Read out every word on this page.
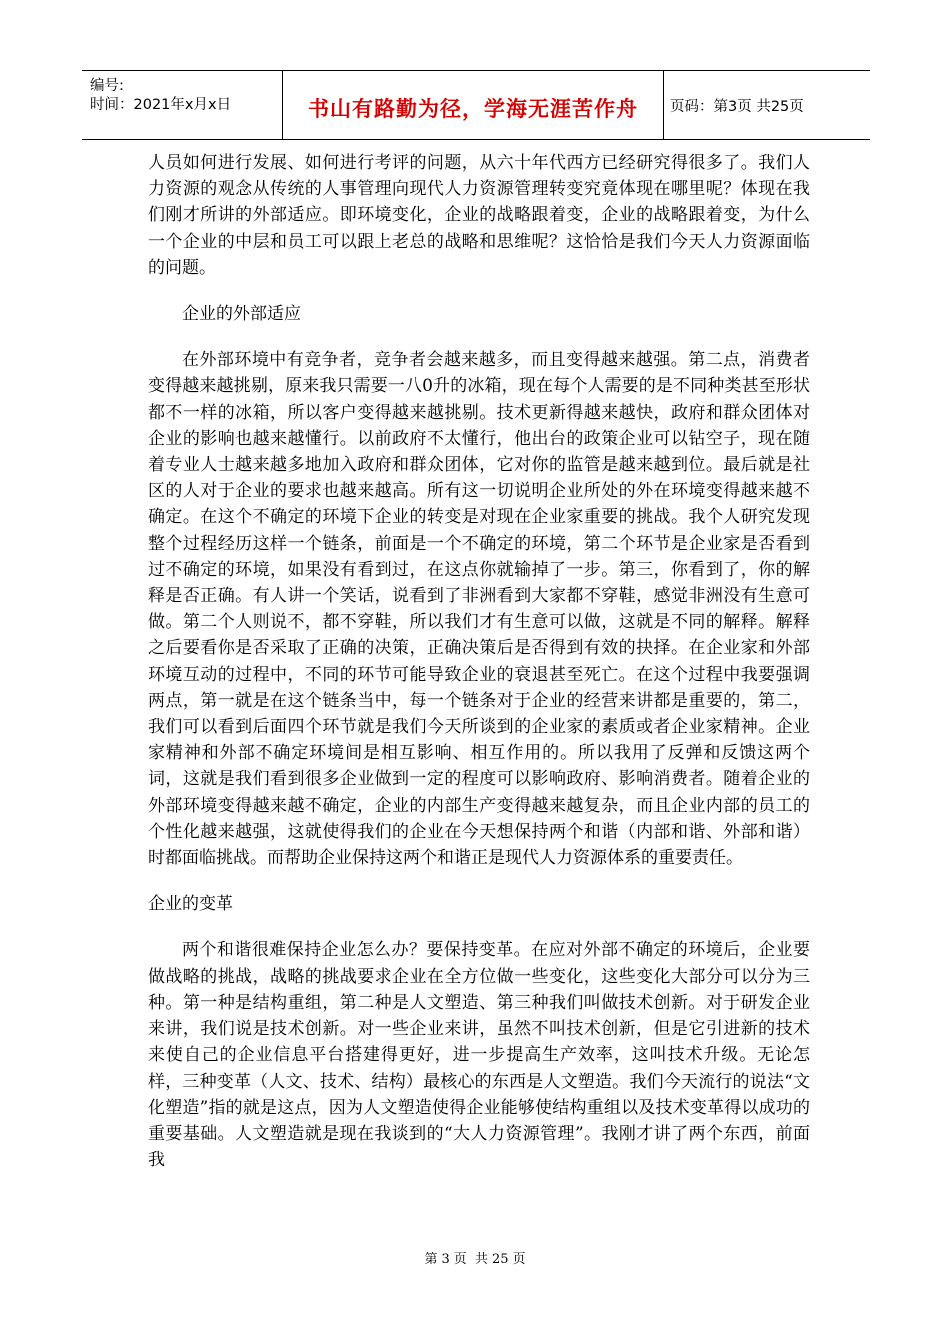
编号:
时间：2021年x月x日	书山有路勤为径，学海无涯苦作舟	页码：第3页 共25页

人员如何进行发展、如何进行考评的问题，从六十年代西方已经研究得很多了。我们人力资源的观念从传统的人事管理向现代人力资源管理转变究竟体现在哪里呢？体现在我们刚才所讲的外部适应。即环境变化，企业的战略跟着变，企业的战略跟着变，为什么一个企业的中层和员工可以跟上老总的战略和思维呢？这恰恰是我们今天人力资源面临的问题。

企业的外部适应

在外部环境中有竞争者，竞争者会越来越多，而且变得越来越强。第二点，消费者变得越来越挑剔，原来我只需要一八0升的冰箱，现在每个人需要的是不同种类甚至形状都不一样的冰箱，所以客户变得越来越挑剔。技术更新得越来越快，政府和群众团体对企业的影响也越来越懂行。以前政府不太懂行，他出台的政策企业可以钻空子，现在随着专业人士越来越多地加入政府和群众团体，它对你的监管是越来越到位。最后就是社区的人对于企业的要求也越来越高。所有这一切说明企业所处的外在环境变得越来越不确定。在这个不确定的环境下企业的转变是对现在企业家重要的挑战。我个人研究发现整个过程经历这样一个链条，前面是一个不确定的环境，第二个环节是企业家是否看到过不确定的环境，如果没有看到过，在这点你就输掉了一步。第三，你看到了，你的解释是否正确。有人讲一个笑话，说看到了非洲看到大家都不穿鞋，感觉非洲没有生意可做。第二个人则说不，都不穿鞋，所以我们才有生意可以做，这就是不同的解释。解释之后要看你是否采取了正确的决策，正确决策后是否得到有效的抉择。在企业家和外部环境互动的过程中，不同的环节可能导致企业的衰退甚至死亡。在这个过程中我要强调两点，第一就是在这个链条当中，每一个链条对于企业的经营来讲都是重要的，第二，我们可以看到后面四个环节就是我们今天所谈到的企业家的素质或者企业家精神。企业家精神和外部不确定环境间是相互影响、相互作用的。所以我用了反弹和反馈这两个词，这就是我们看到很多企业做到一定的程度可以影响政府、影响消费者。随着企业的外部环境变得越来越不确定，企业的内部生产变得越来越复杂，而且企业内部的员工的个性化越来越强，这就使得我们的企业在今天想保持两个和谐（内部和谐、外部和谐）时都面临挑战。而帮助企业保持这两个和谐正是现代人力资源体系的重要责任。

企业的变革

两个和谐很难保持企业怎么办？要保持变革。在应对外部不确定的环境后，企业要做战略的挑战，战略的挑战要求企业在全方位做一些变化，这些变化大部分可以分为三种。第一种是结构重组，第二种是人文塑造、第三种我们叫做技术创新。对于研发企业来讲，我们说是技术创新。对一些企业来讲，虽然不叫技术创新，但是它引进新的技术来使自己的企业信息平台搭建得更好，进一步提高生产效率，这叫技术升级。无论怎样，三种变革（人文、技术、结构）最核心的东西是人文塑造。我们今天流行的说法“文化塑造”指的就是这点，因为人文塑造使得企业能够使结构重组以及技术变革得以成功的重要基础。人文塑造就是现在我谈到的“大人力资源管理”。我刚才讲了两个东西，前面我

第 3 页 共 25 页
